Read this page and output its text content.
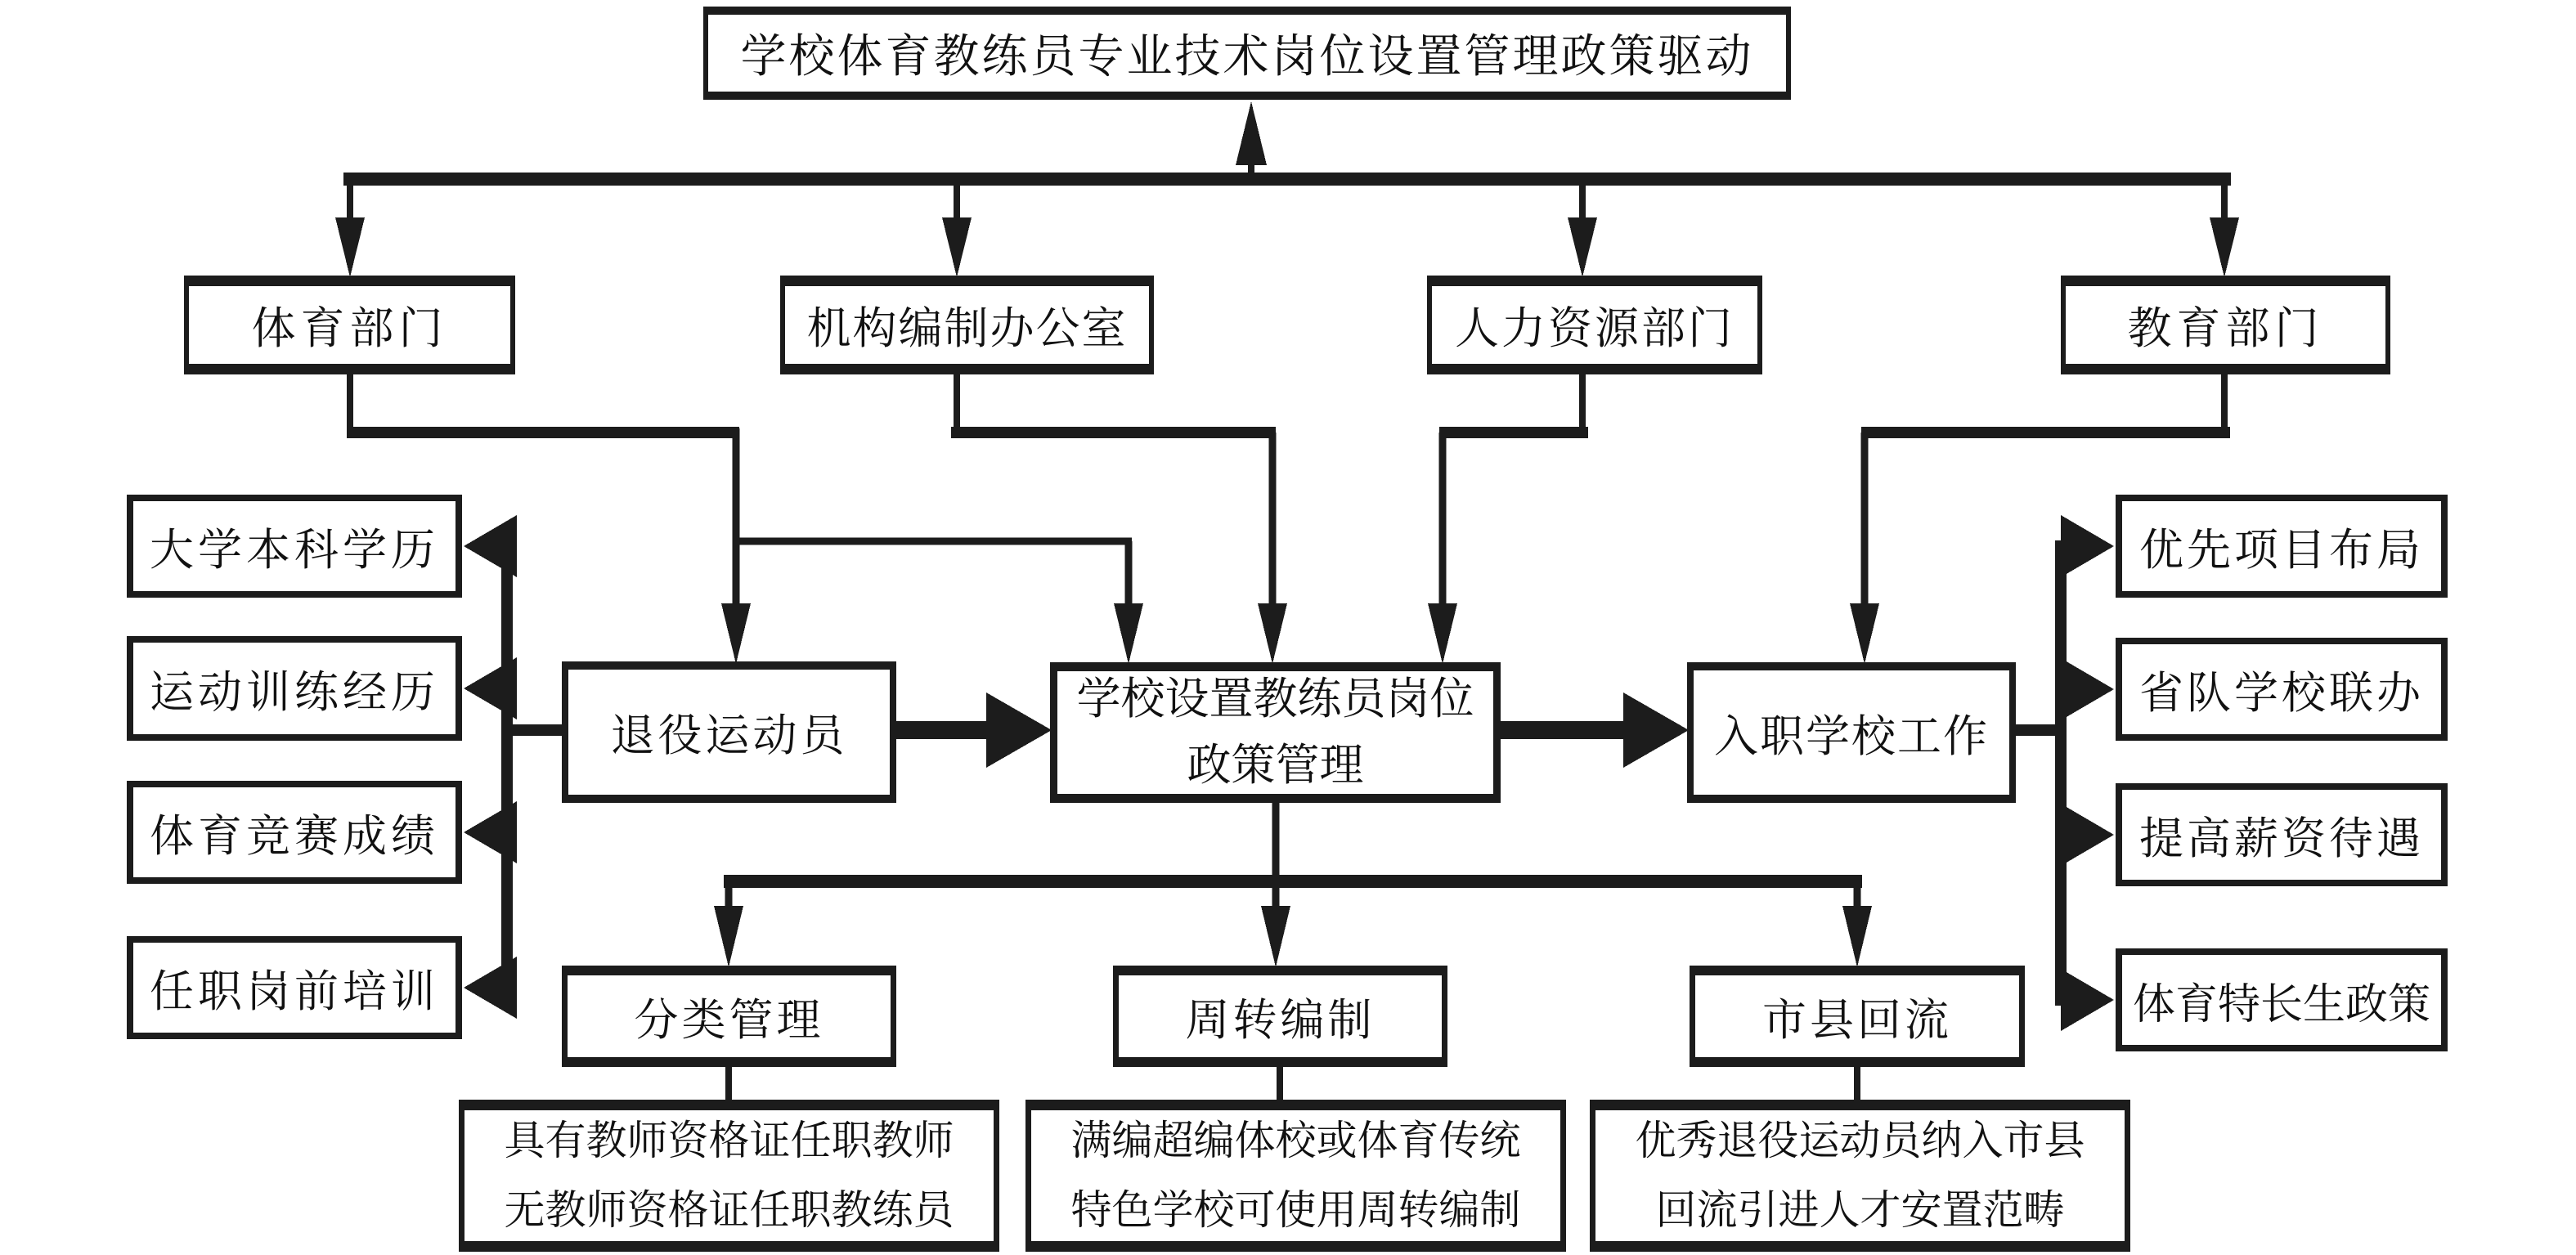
学校体育教练员专业技术岗位设置管理政策驱动
体育部门	机构编制办公室	人力资源部门	教育部门
大学本科学历
运动训练经历
体育竞赛成绩
任职岗前培训
退役运动员
学校设置教练员岗位
政策管理
入职学校工作
优先项目布局
省队学校联办
提高薪资待遇
体育特长生政策
分类管理	周转编制	市县回流
具有教师资格证任职教师
无教师资格证任职教练员
满编超编体校或体育传统
特色学校可使用周转编制
优秀退役运动员纳入市县
回流引进人才安置范畴
